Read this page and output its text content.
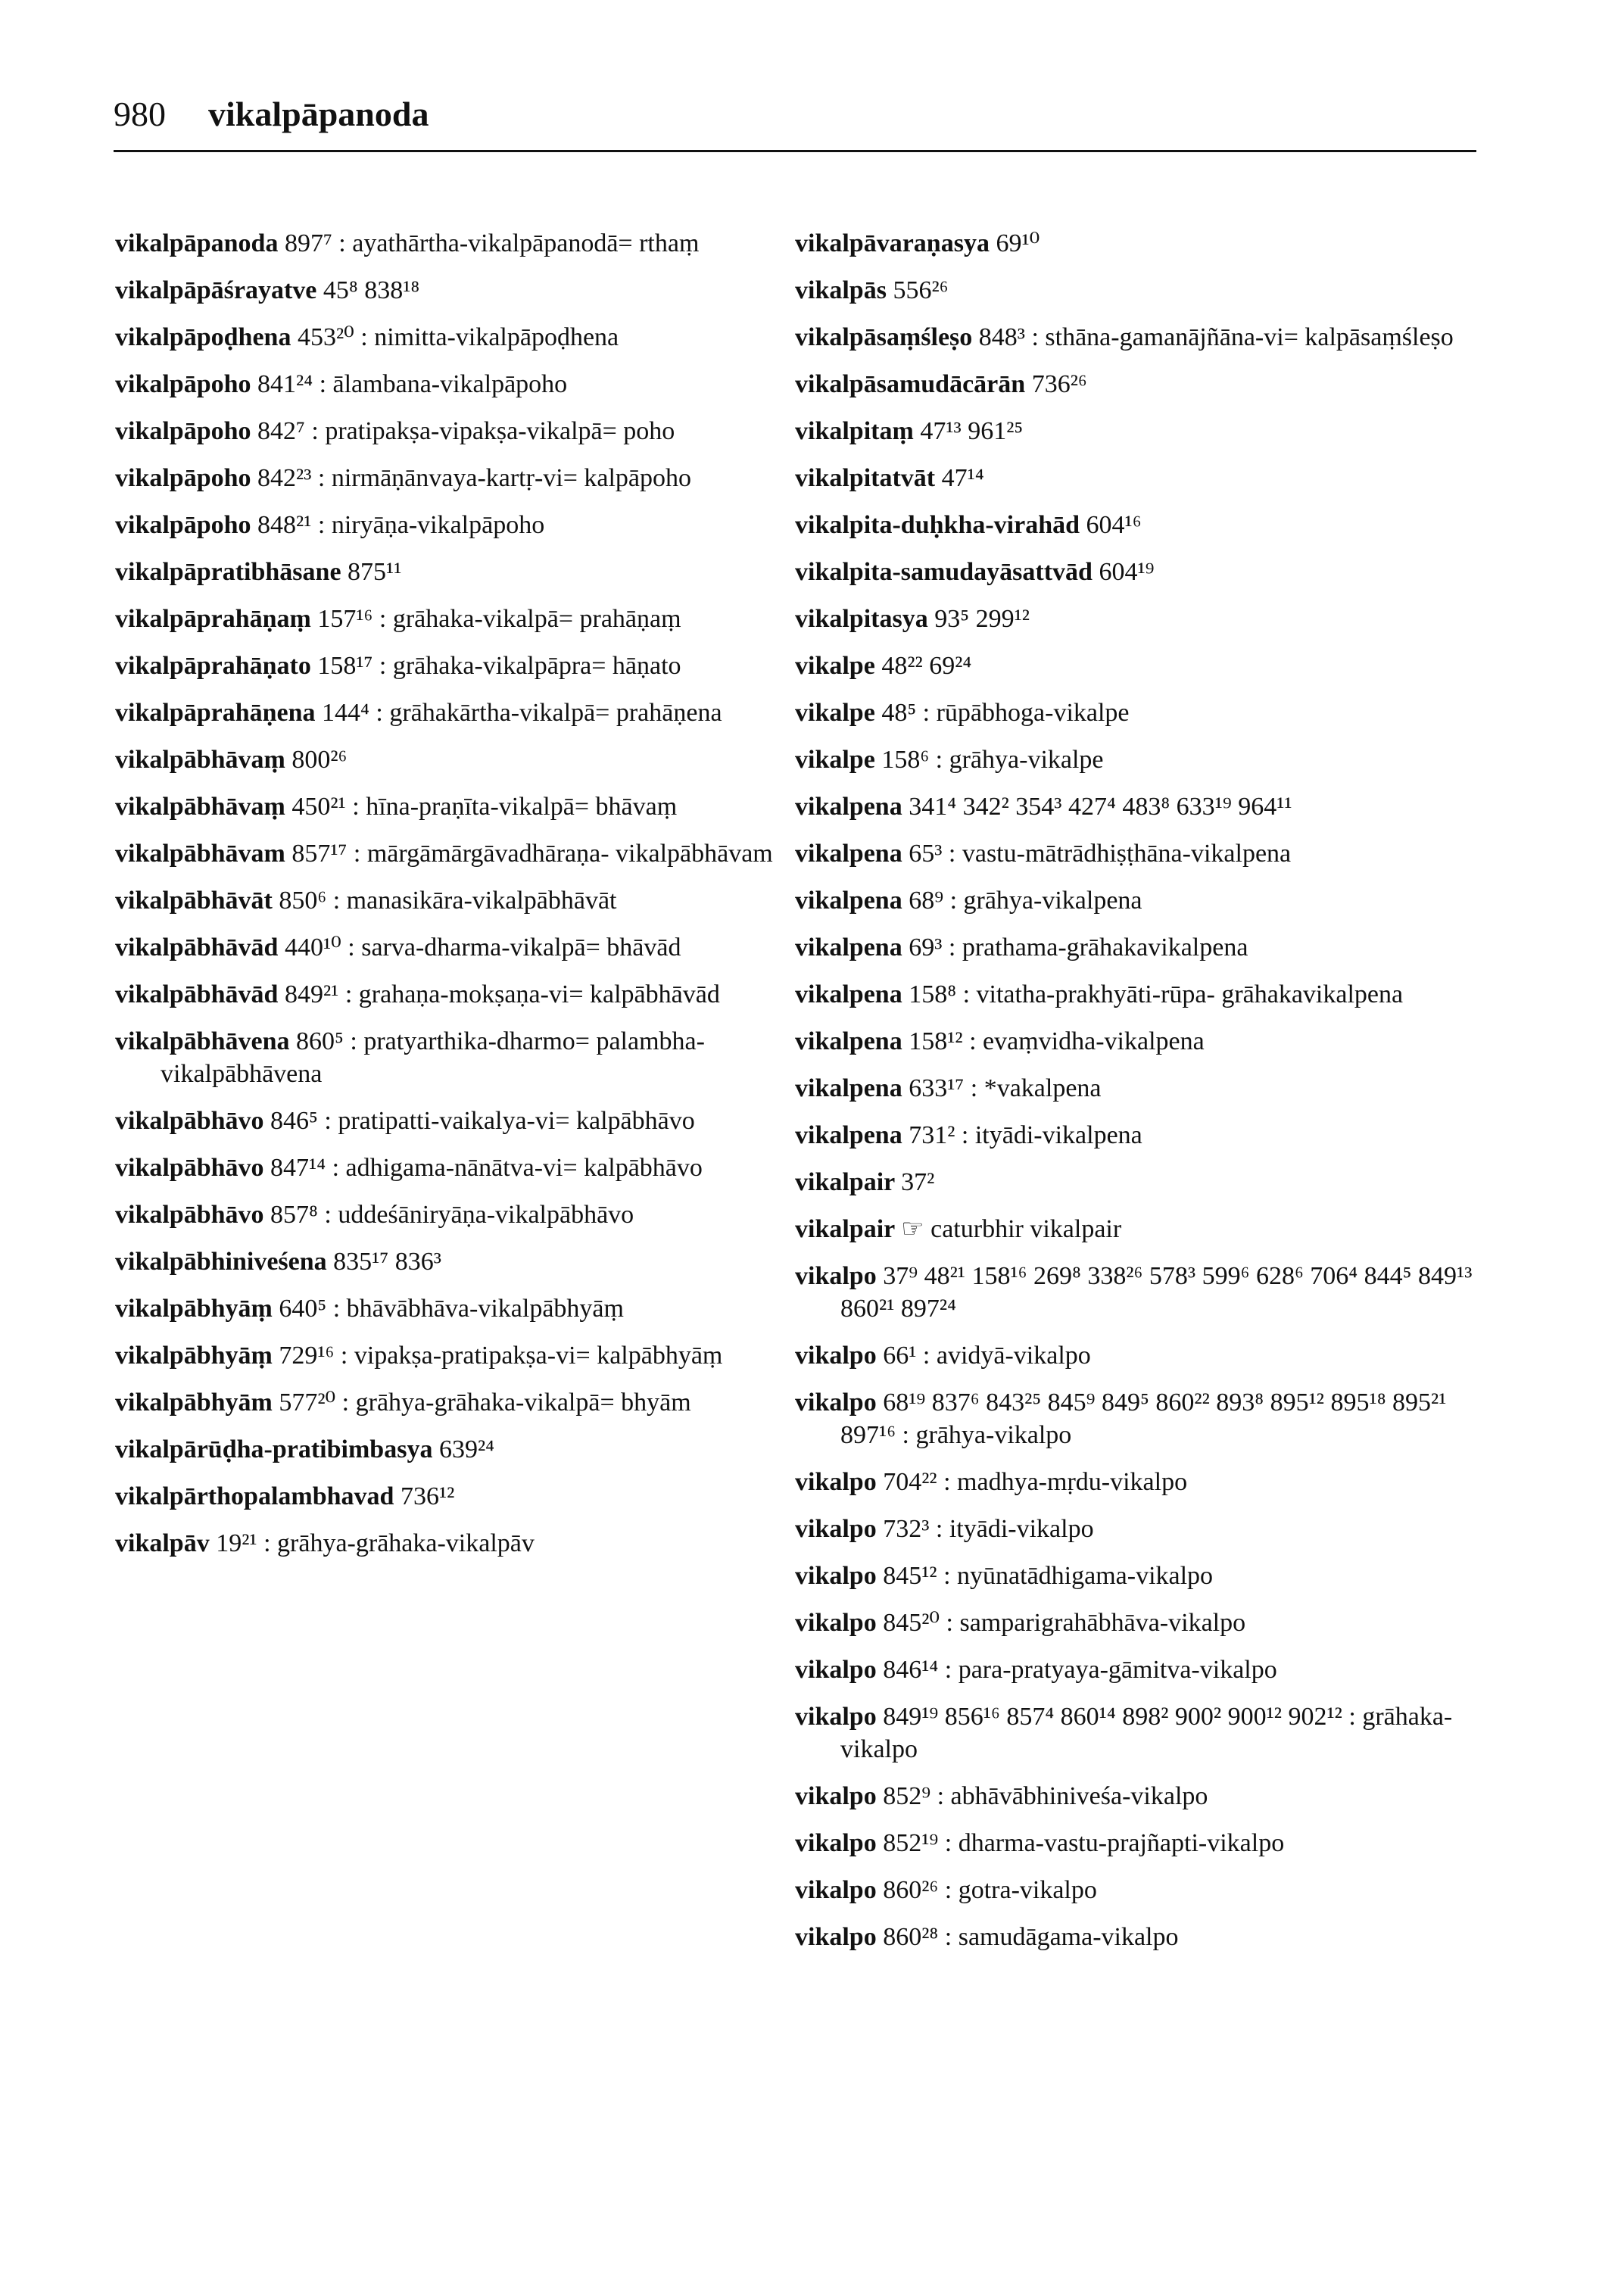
980 vikalpāpanoda
vikalpāpanoda 897⁷ : ayathārtha-vikalpāpanodā= rthaṃ
vikalpāpāśrayatve 45⁸ 838¹⁸
vikalpāpoḍhena 453²⁰ : nimitta-vikalpāpoḍhena
vikalpāpoho 841²⁴ : ālambana-vikalpāpoho
vikalpāpoho 842⁷ : pratipakṣa-vipakṣa-vikalpā= poho
vikalpāpoho 842²³ : nirmāṇānvaya-kartṛ-vi= kalpāpoho
vikalpāpoho 848²¹ : niryāṇa-vikalpāpoho
vikalpāpratibhāsane 875¹¹
vikalpāprahāṇaṃ 157¹⁶ : grāhaka-vikalpā= prahāṇaṃ
vikalpāprahāṇato 158¹⁷ : grāhaka-vikalpāpra= hāṇato
vikalpāprahāṇena 144⁴ : grāhakārtha-vikalpā= prahāṇena
vikalpābhāvaṃ 800²⁶
vikalpābhāvaṃ 450²¹ : hīna-praṇīta-vikalpā= bhāvaṃ
vikalpābhāvam 857¹⁷ : mārgāmārgāvadhāraṇa- vikalpābhāvam
vikalpābhāvāt 850⁶ : manasikāra-vikalpābhāvāt
vikalpābhāvād 440¹⁰ : sarva-dharma-vikalpā= bhāvād
vikalpābhāvād 849²¹ : grahaṇa-mokṣaṇa-vi= kalpābhāvād
vikalpābhāvena 860⁵ : pratyarthika-dharmo= palambha-vikalpābhāvena
vikalpābhāvo 846⁵ : pratipatti-vaikalya-vi= kalpābhāvo
vikalpābhāvo 847¹⁴ : adhigama-nānātva-vi= kalpābhāvo
vikalpābhāvo 857⁸ : uddeśāniryāṇa-vikalpābhāvo
vikalpābhiniveśena 835¹⁷ 836³
vikalpābhyāṃ 640⁵ : bhāvābhāva-vikalpābhyāṃ
vikalpābhyāṃ 729¹⁶ : vipakṣa-pratipakṣa-vi= kalpābhyāṃ
vikalpābhyām 577²⁰ : grāhya-grāhaka-vikalpā= bhyām
vikalpārūḍha-pratibimbasya 639²⁴
vikalpārthopalambhavad 736¹²
vikalpāv 19²¹ : grāhya-grāhaka-vikalpāv
vikalpāvaraṇasya 69¹⁰
vikalpās 556²⁶
vikalpāsaṃśleṣo 848³ : sthāna-gamanājñāna-vi= kalpāsaṃśleṣo
vikalpāsamudācārān 736²⁶
vikalpitaṃ 47¹³ 961²⁵
vikalpitatvāt 47¹⁴
vikalpita-duḥkha-virahād 604¹⁶
vikalpita-samudayāsattvād 604¹⁹
vikalpitasya 93⁵ 299¹²
vikalpe 48²² 69²⁴
vikalpe 48⁵ : rūpābhoga-vikalpe
vikalpe 158⁶ : grāhya-vikalpe
vikalpena 341⁴ 342² 354³ 427⁴ 483⁸ 633¹⁹ 964¹¹
vikalpena 65³ : vastu-mātrādhiṣṭhāna-vikalpena
vikalpena 68⁹ : grāhya-vikalpena
vikalpena 69³ : prathama-grāhakavikalpena
vikalpena 158⁸ : vitatha-prakhyāti-rūpa- grāhakavikalpena
vikalpena 158¹² : evaṃvidha-vikalpena
vikalpena 633¹⁷ : *vakalpena
vikalpena 731² : ityādi-vikalpena
vikalpair 37²
vikalpair ☞ caturbhir vikalpair
vikalpo 37⁹ 48²¹ 158¹⁶ 269⁸ 338²⁶ 578³ 599⁶ 628⁶ 706⁴ 844⁵ 849¹³ 860²¹ 897²⁴
vikalpo 66¹ : avidyā-vikalpo
vikalpo 68¹⁹ 837⁶ 843²⁵ 845⁹ 849⁵ 860²² 893⁸ 895¹² 895¹⁸ 895²¹ 897¹⁶ : grāhya-vikalpo
vikalpo 704²² : madhya-mṛdu-vikalpo
vikalpo 732³ : ityādi-vikalpo
vikalpo 845¹² : nyūnatādhigama-vikalpo
vikalpo 845²⁰ : samparigrahābhāva-vikalpo
vikalpo 846¹⁴ : para-pratyaya-gāmitva-vikalpo
vikalpo 849¹⁹ 856¹⁶ 857⁴ 860¹⁴ 898² 900² 900¹² 902¹² : grāhaka-vikalpo
vikalpo 852⁹ : abhāvābhiniveśa-vikalpo
vikalpo 852¹⁹ : dharma-vastu-prajñapti-vikalpo
vikalpo 860²⁶ : gotra-vikalpo
vikalpo 860²⁸ : samudāgama-vikalpo
